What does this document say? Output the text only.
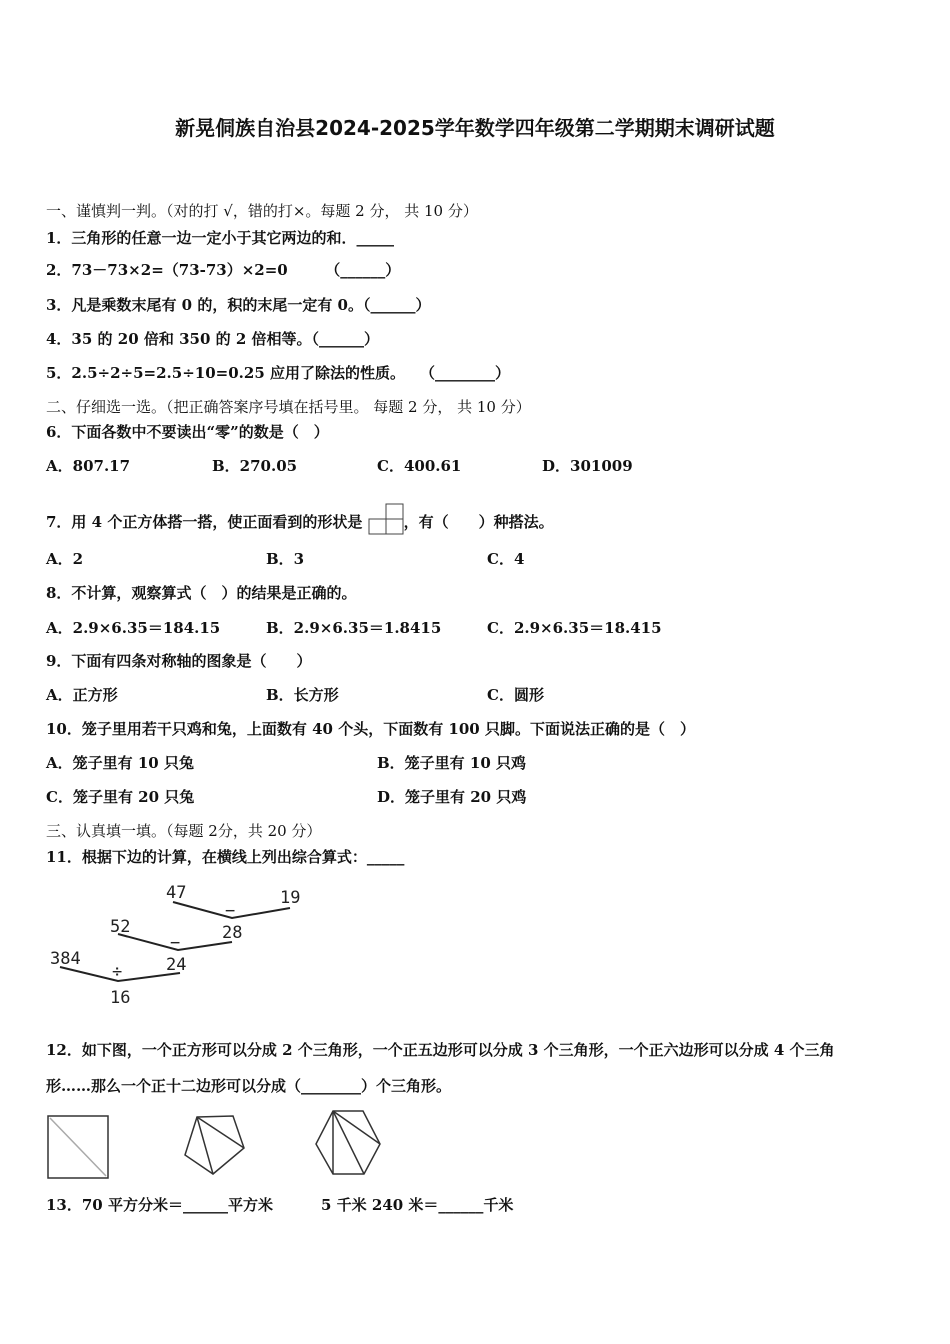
新晃侗族自治县2024-2025学年数学四年级第二学期期末调研试题
一、谨慎判一判。（对的打 √，错的打×。每题 2 分， 共 10 分）
1．三角形的任意一边一定小于其它两边的和．_____
2．73－73×2=（73-73）×2=0　　　（______）
3．凡是乘数末尾有 0 的，积的末尾一定有 0。（______）
4．35 的 20 倍和 350 的 2 倍相等。（______）
5．2.5÷2÷5=2.5÷10=0.25 应用了除法的性质。　　（________）
二、仔细选一选。（把正确答案序号填在括号里。 每题 2 分， 共 10 分）
6．下面各数中不要读出“零”的数是（　）
A．807.17	B．270.05	C．400.61	D．301009
7．用 4 个正方体搭一搭，使正面看到的形状是	，有（　　）种搭法。
A．2	B．3	C．4
8．不计算，观察算式（　）的结果是正确的。
A．2.9×6.35＝184.15	B．2.9×6.35＝1.8415	C．2.9×6.35＝18.415
9．下面有四条对称轴的图象是（　　）
A．正方形	B．长方形	C．圆形
10．笼子里用若干只鸡和兔，上面数有 40 个头，下面数有 100 只脚。下面说法正确的是（　）
A．笼子里有 10 只兔	B．笼子里有 10 只鸡
C．笼子里有 20 只兔	D．笼子里有 20 只鸡
三、认真填一填。（每题 2分，共 20 分）
11．根据下边的计算，在横线上列出综合算式：_____
47	19
−
28
52
−
24
384
÷
16
12．如下图，一个正方形可以分成 2 个三角形，一个正五边形可以分成 3 个三角形，一个正六边形可以分成 4 个三角
形……那么一个正十二边形可以分成（________）个三角形。
13．70 平方分米＝______平方米	5 千米 240 米＝______千米
